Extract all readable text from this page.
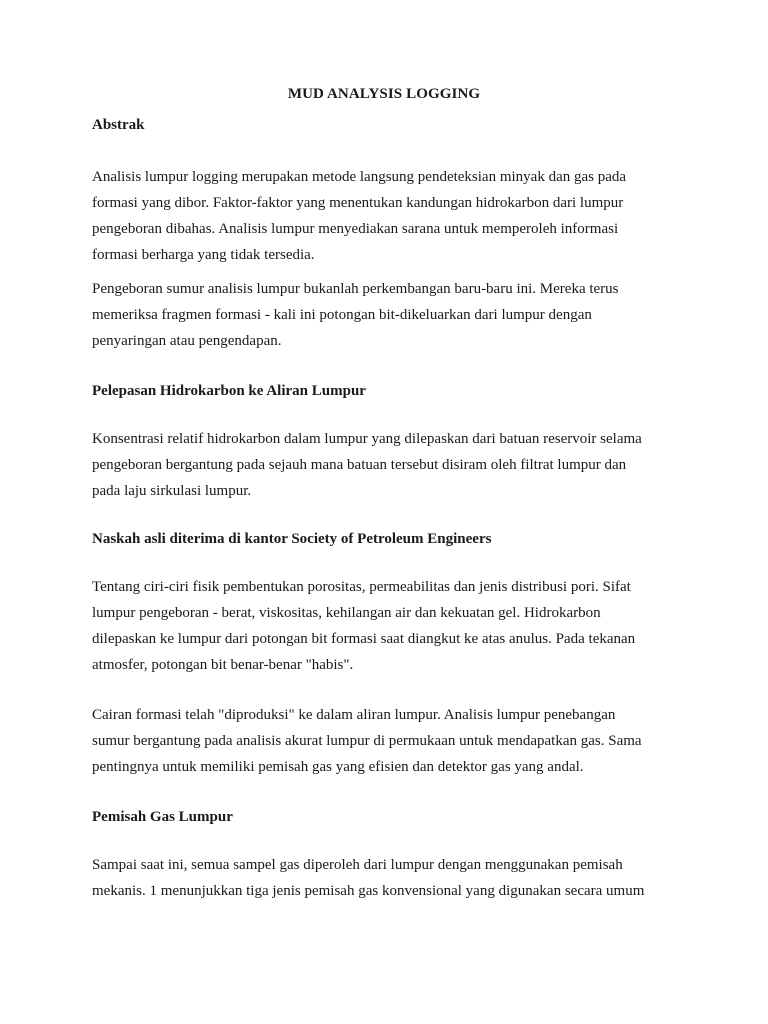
MUD ANALYSIS LOGGING

Abstrak

Analisis lumpur logging merupakan metode langsung pendeteksian minyak dan gas pada
formasi yang dibor. Faktor-faktor yang menentukan kandungan hidrokarbon dari lumpur
pengeboran dibahas. Analisis lumpur menyediakan sarana untuk memperoleh informasi
formasi berharga yang tidak tersedia.

Pengeboran sumur analisis lumpur bukanlah perkembangan baru-baru ini. Mereka terus
memeriksa fragmen formasi - kali ini potongan bit-dikeluarkan dari lumpur dengan
penyaringan atau pengendapan.

Pelepasan Hidrokarbon ke Aliran Lumpur

Konsentrasi relatif hidrokarbon dalam lumpur yang dilepaskan dari batuan reservoir selama
pengeboran bergantung pada sejauh mana batuan tersebut disiram oleh filtrat lumpur dan
pada laju sirkulasi lumpur.

Naskah asli diterima di kantor Society of Petroleum Engineers

Tentang ciri-ciri fisik pembentukan porositas, permeabilitas dan jenis distribusi pori. Sifat
lumpur pengeboran - berat, viskositas, kehilangan air dan kekuatan gel. Hidrokarbon
dilepaskan ke lumpur dari potongan bit formasi saat diangkut ke atas anulus. Pada tekanan
atmosfer, potongan bit benar-benar "habis".

Cairan formasi telah "diproduksi" ke dalam aliran lumpur. Analisis lumpur penebangan
sumur bergantung pada analisis akurat lumpur di permukaan untuk mendapatkan gas. Sama
pentingnya untuk memiliki pemisah gas yang efisien dan detektor gas yang andal.

Pemisah Gas Lumpur

Sampai saat ini, semua sampel gas diperoleh dari lumpur dengan menggunakan pemisah
mekanis. 1 menunjukkan tiga jenis pemisah gas konvensional yang digunakan secara umum
